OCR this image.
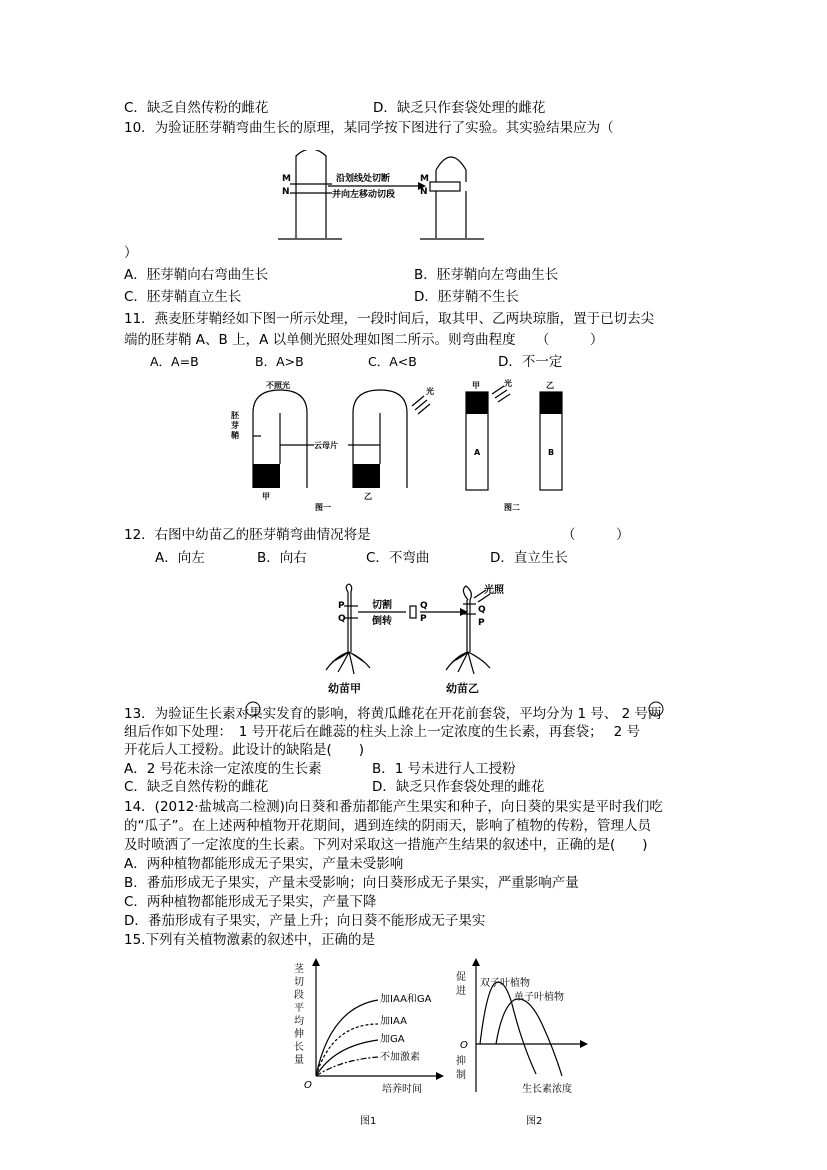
C．缺乏自然传粉的雌花	D．缺乏只作套袋处理的雌花
10．为验证胚芽鞘弯曲生长的原理，某同学按下图进行了实验。其实验结果应为（
M
N
沿划线处切断
并向左移动切段
M
N
）
A．胚芽鞘向右弯曲生长	B．胚芽鞘向左弯曲生长
C．胚芽鞘直立生长	D．胚芽鞘不生长
11．燕麦胚芽鞘经如下图一所示处理，一段时间后，取其甲、乙两块琼脂，置于已切去尖
端的胚芽鞘 A、B 上，A 以单侧光照处理如图二所示。则弯曲程度　　（　　　）
A．A=B	B．A>B	C．A<B	D．不一定
不照光
胚
芽
鞘
云母片
光
甲	乙
图一
甲	乙
光
A	B
图二
12．右图中幼苗乙的胚芽鞘弯曲情况将是	（　　　）
A．向左	B．向右	C．不弯曲	D．直立生长
P
Q
切割
倒转
Q
P
光照
Q
P
幼苗甲	幼苗乙
13．为验证生长素对果实发育的影响，将黄瓜雌花在开花前套袋，平均分为 1 号、 2 号两
组后作如下处理：　1 号开花后在雌蕊的柱头上涂上一定浓度的生长素，再套袋；　 2 号
开花后人工授粉。此设计的缺陷是(　　)
A．2 号花未涂一定浓度的生长素	B．1 号未进行人工授粉
C．缺乏自然传粉的雌花	D．缺乏只作套袋处理的雌花
14．(2012·盐城高二检测)向日葵和番茄都能产生果实和种子，向日葵的果实是平时我们吃
的“瓜子”。在上述两种植物开花期间，遇到连续的阴雨天，影响了植物的传粉，管理人员
及时喷洒了一定浓度的生长素。下列对采取这一措施产生结果的叙述中，正确的是(　　)
A．两种植物都能形成无子果实，产量未受影响
B．番茄形成无子果实，产量未受影响；向日葵形成无子果实，严重影响产量
C．两种植物都能形成无子果实，产量下降
D．番茄形成有子果实，产量上升；向日葵不能形成无子果实
15.下列有关植物激素的叙述中，正确的是
茎
切
段
平
均
伸
长
量
O	培养时间
加IAA和GA
加IAA
加GA
不加激素
图1
促
进
抑
制
O
双子叶植物
单子叶植物
生长素浓度
图2
